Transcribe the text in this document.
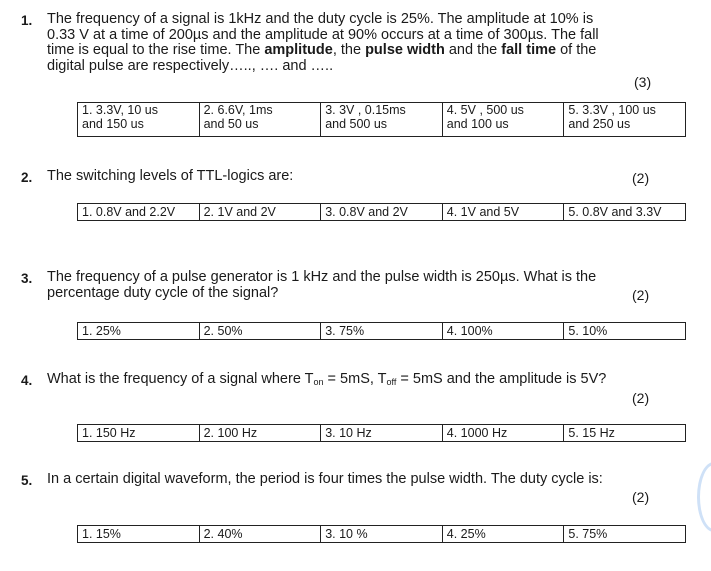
1. The frequency of a signal is 1kHz and the duty cycle is 25%. The amplitude at 10% is
0.33 V at a time of 200µs and the amplitude at 90% occurs at a time of 300µs. The fall
time is equal to the rise time. The amplitude, the pulse width and the fall time of the
digital pulse are respectively….., …. and …..
(3)
1. 3.3V, 10 us
and 150 us
2. 6.6V, 1ms
and 50 us
3. 3V , 0.15ms
and 500 us
4. 5V , 500 us
and 100 us
5. 3.3V , 100 us
and 250 us
2. The switching levels of TTL-logics are:	(2)
1. 0.8V and 2.2V	2. 1V and 2V	3. 0.8V and 2V	4. 1V and 5V	5. 0.8V and 3.3V
3. The frequency of a pulse generator is 1 kHz and the pulse width is 250µs. What is the
percentage duty cycle of the signal?	(2)
1. 25%	2. 50%	3. 75%	4. 100%	5. 10%
4. What is the frequency of a signal where $T_{on} = 5mS$, $T_{off} = 5mS$ and the amplitude is 5V?
(2)
1. 150 Hz	2. 100 Hz	3. 10 Hz	4. 1000 Hz	5. 15 Hz
5. In a certain digital waveform, the period is four times the pulse width. The duty cycle is:
(2)
1. 15%	2. 40%	3. 10 %	4. 25%	5. 75%
